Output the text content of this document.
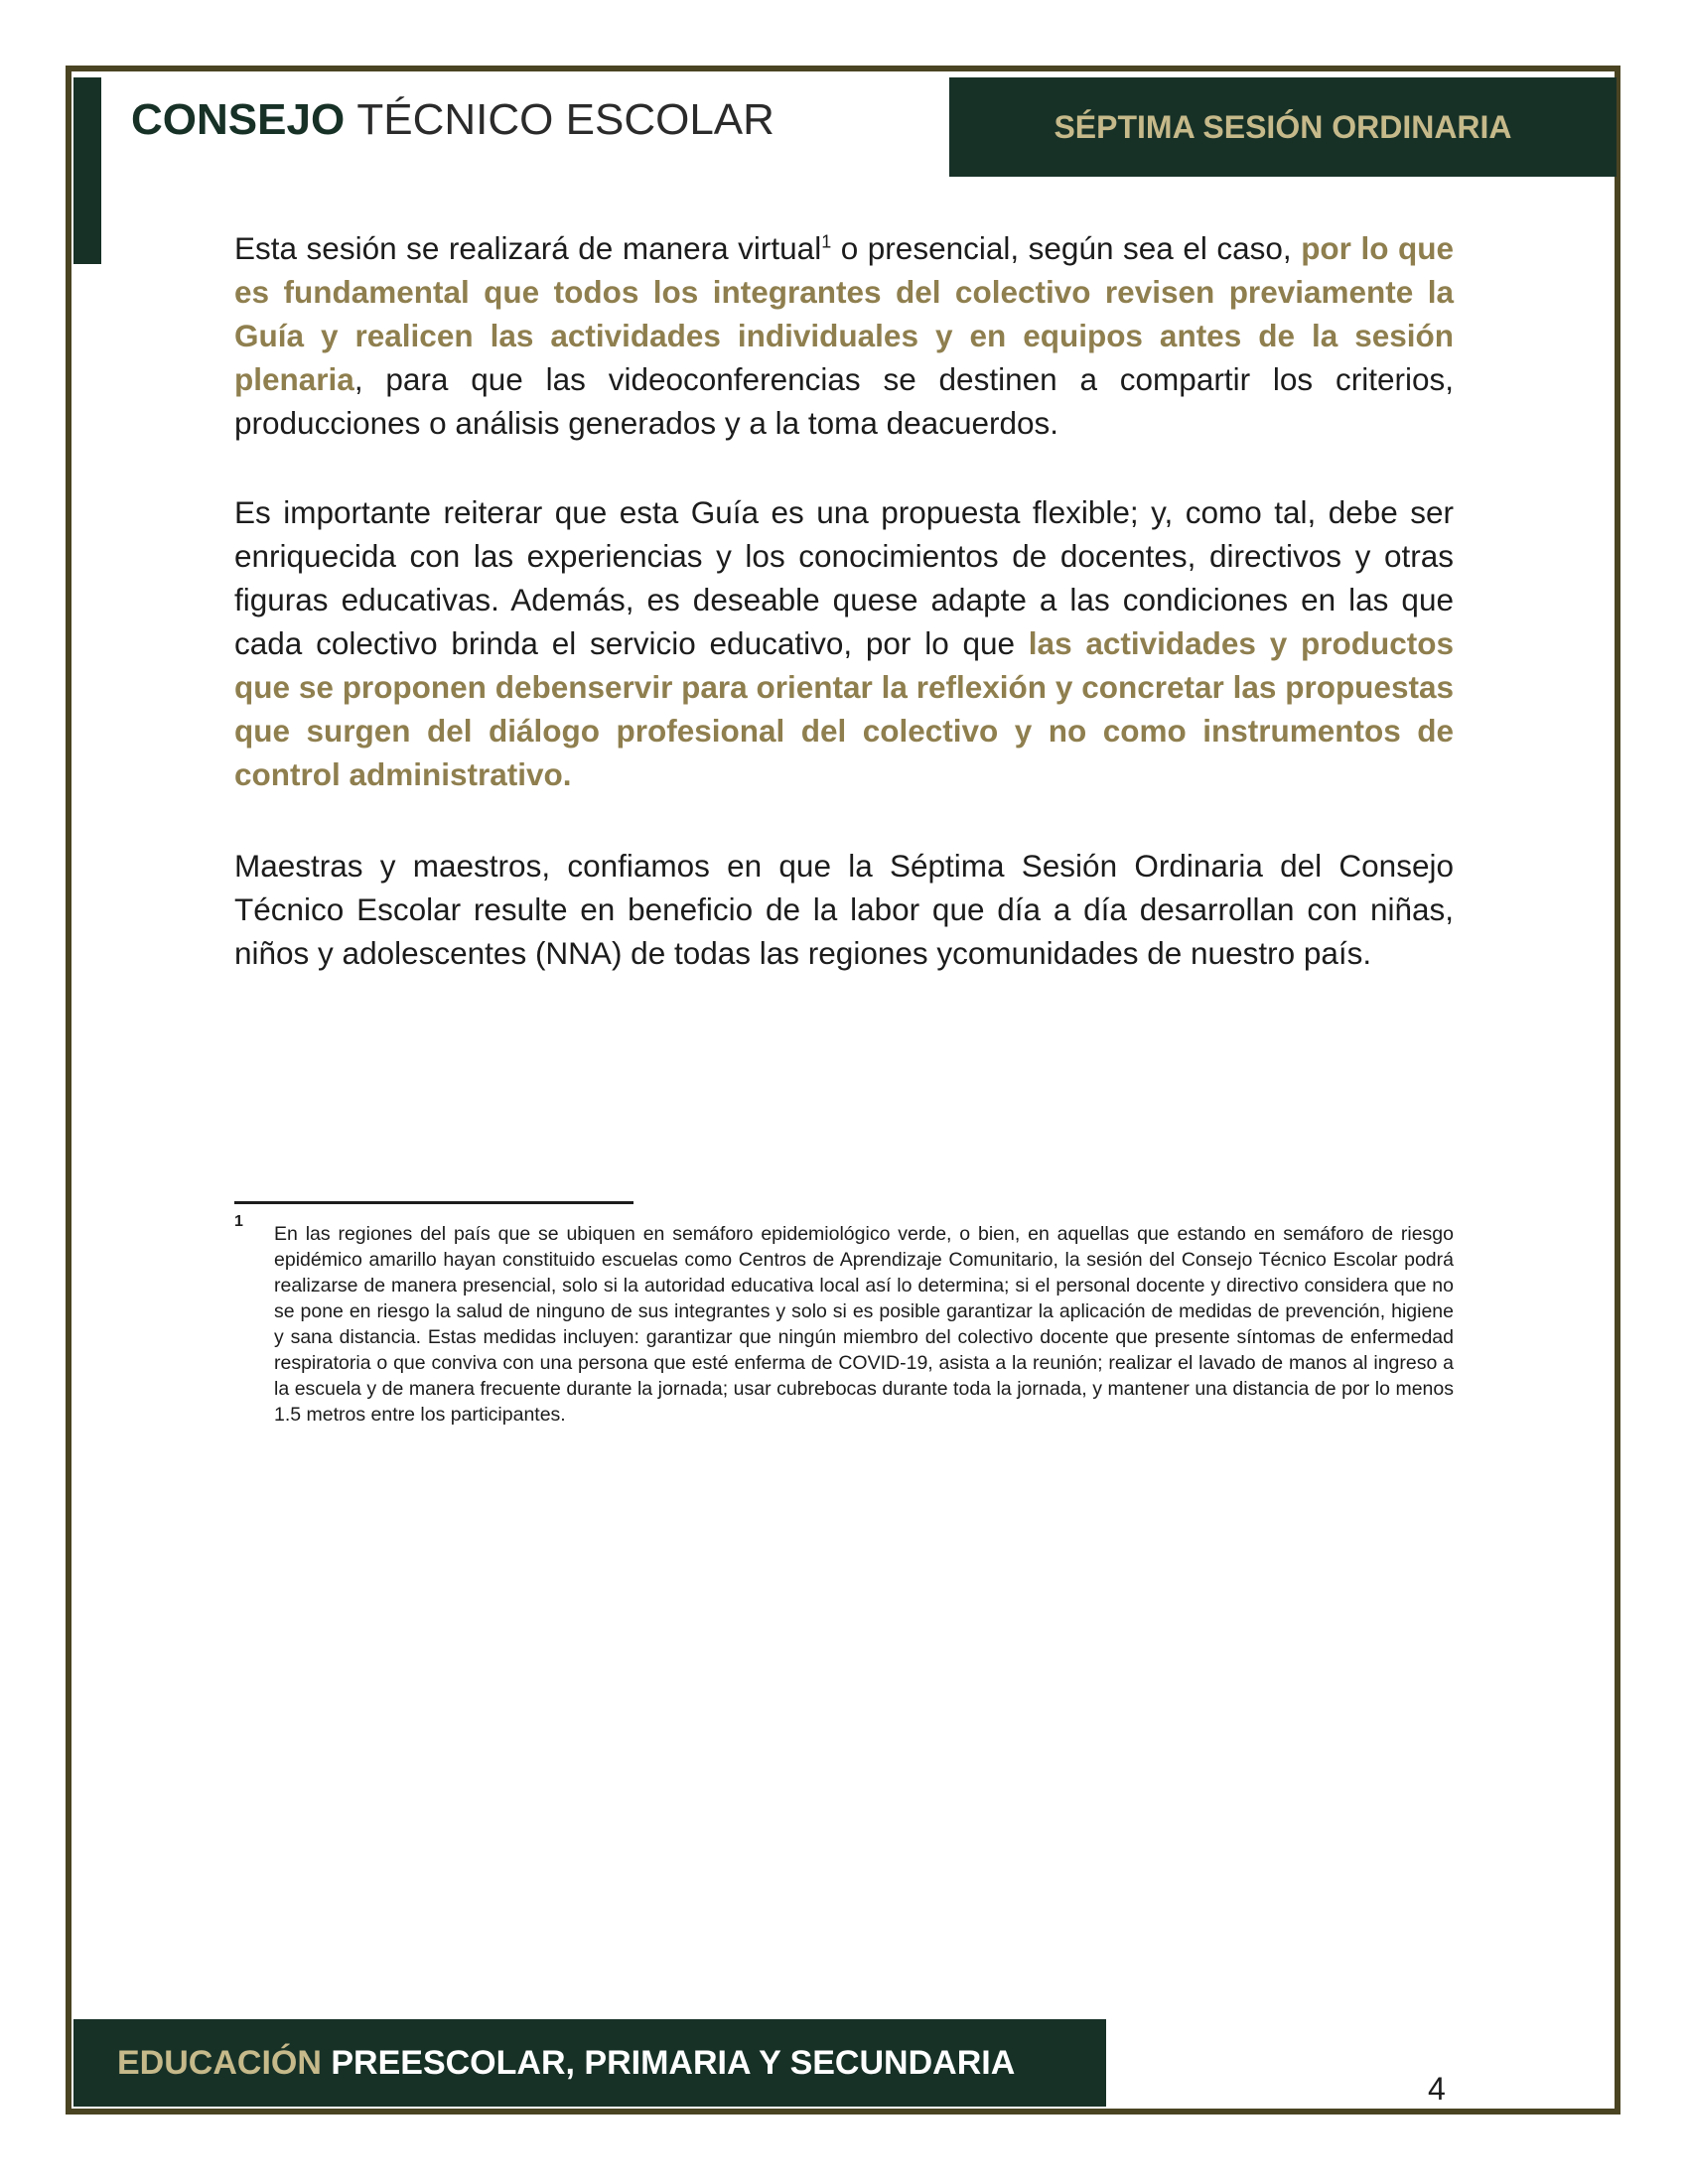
CONSEJO TÉCNICO ESCOLAR	SÉPTIMA SESIÓN ORDINARIA

Esta sesión se realizará de manera virtual$^1$ o presencial, según sea el caso, por lo que es fundamental que todos los integrantes del colectivo revisen previamente la Guía y realicen las actividades individuales y en equipos antes de la sesión plenaria, para que las videoconferencias se destinen a compartir los criterios, producciones o análisis generados y a la toma deacuerdos.

Es importante reiterar que esta Guía es una propuesta flexible; y, como tal, debe ser enriquecida con las experiencias y los conocimientos de docentes, directivos y otras figuras educativas. Además, es deseable quese adapte a las condiciones en las que cada colectivo brinda el servicio educativo, por lo que las actividades y productos que se proponen debenservir para orientar la reflexión y concretar las propuestas que surgen del diálogo profesional del colectivo y no como instrumentos de control administrativo.

Maestras y maestros, confiamos en que la Séptima Sesión Ordinaria del Consejo Técnico Escolar resulte en beneficio de la labor que día a día desarrollan con niñas, niños y adolescentes (NNA) de todas las regiones ycomunidades de nuestro país.

1

En las regiones del país que se ubiquen en semáforo epidemiológico verde, o bien, en aquellas que estando en semáforo de riesgo epidémico amarillo hayan constituido escuelas como Centros de Aprendizaje Comunitario, la sesión del Consejo Técnico Escolar podrá realizarse de manera presencial, solo si la autoridad educativa local así lo determina; si el personal docente y directivo considera que no se pone en riesgo la salud de ninguno de sus integrantes y solo si es posible garantizar la aplicación de medidas de prevención, higiene y sana distancia. Estas medidas incluyen: garantizar que ningún miembro del colectivo docente que presente síntomas de enfermedad respiratoria o que conviva con una persona que esté enferma de COVID-19, asista a la reunión; realizar el lavado de manos al ingreso a la escuela y de manera frecuente durante la jornada; usar cubrebocas durante toda la jornada, y mantener una distancia de por lo menos 1.5 metros entre los participantes.

EDUCACIÓN
PREESCOLAR, PRIMARIA Y SECUNDARIA
4
